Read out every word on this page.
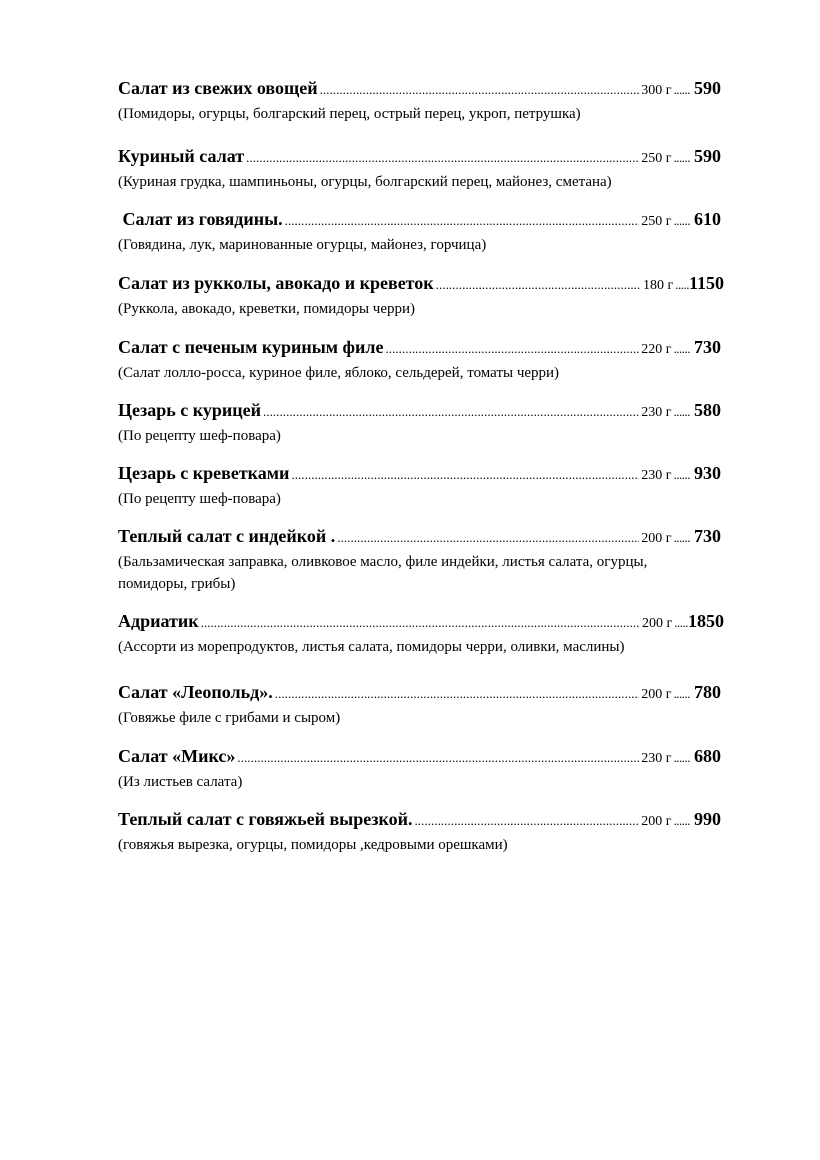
Салат из свежих овощей . . .	300 г ...... 590
(Помидоры, огурцы, болгарский перец, острый перец, укроп, петрушка)
Куриный салат . . .	250 г ...... 590
(Куриная грудка, шампиньоны, огурцы, болгарский перец, майонез, сметана)
Салат из говядины. . . .	250 г ...... 610
(Говядина, лук, маринованные огурцы, майонез, горчица)
Салат из рукколы, авокадо и креветок . . .	180 г ..... 1150
(Руккола, авокадо, креветки, помидоры черри)
Салат с печеным куриным филе . . .	220 г ...... 730
(Салат лолло-росса, куриное филе, яблоко, сельдерей, томаты черри)
Цезарь с курицей . . .	230 г ...... 580
(По рецепту шеф-повара)
Цезарь с креветками . . .	230 г ...... 930
(По рецепту шеф-повара)
Теплый салат с индейкой . . . .	200 г ...... 730
(Бальзамическая заправка, оливковое масло, филе индейки, листья салата, огурцы, помидоры, грибы)
Адриатик . . .	200 г ..... 1850
(Ассорти из морепродуктов, листья салата, помидоры черри, оливки, маслины)
Салат «Леопольд». . . .	200 г ...... 780
(Говяжье филе с грибами и сыром)
Салат «Микс» . . .	230 г ...... 680
(Из листьев салата)
Теплый салат с говяжьей вырезкой. . . .	200 г ...... 990
(говяжья вырезка, огурцы, помидоры ,кедровыми орешками)
